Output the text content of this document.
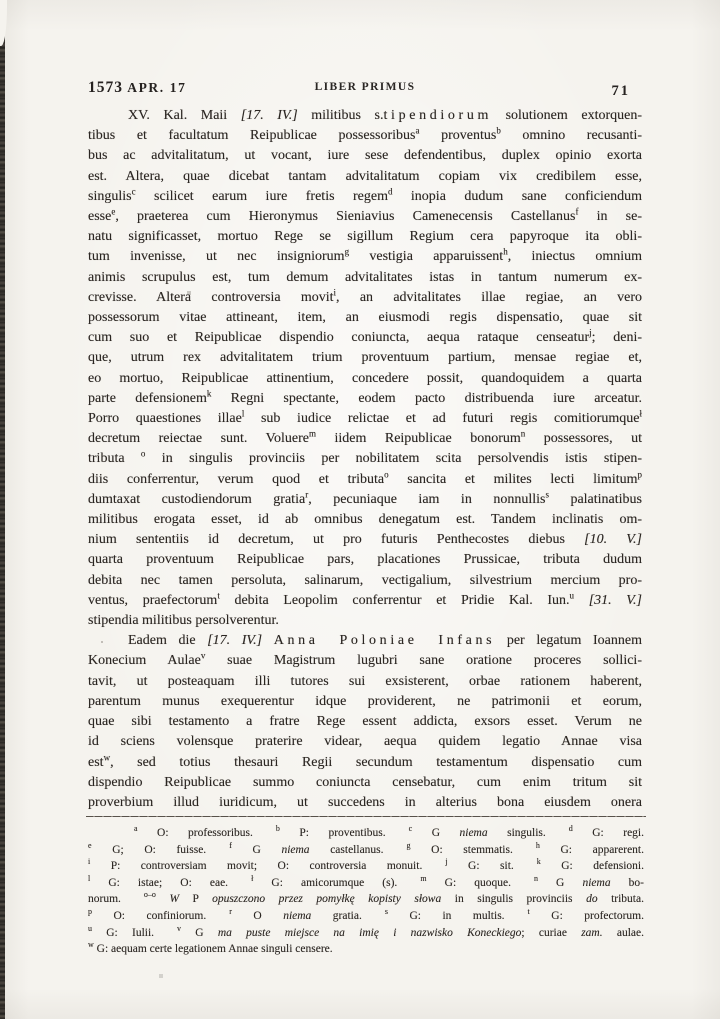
1573 APR. 17	LIBER PRIMUS	71
XV. Kal. Maii [17. IV.] militibus s.tipendiorum solutionem extorquen-
tibus et facultatum Reipublicae possessoribus$^a$ proventus$^b$ omnino recusanti-
bus ac advitalitatum, ut vocant, iure sese defendentibus, duplex opinio exorta
est. Altera, quae dicebat tantam advitalitatum copiam vix credibilem esse,
singulis$^c$ scilicet earum iure fretis regem$^d$ inopia dudum sane conficiendum
esse$^e$, praeterea cum Hieronymus Sieniavius Camenecensis Castellanus$^f$ in se-
natu significasset, mortuo Rege se sigillum Regium cera papyroque ita obli-
tum invenisse, ut nec insigniorum$^g$ vestigia apparuissent$^h$, iniectus omnium
animis scrupulus est, tum demum advitalitates istas in tantum numerum ex-
crevisse. Altera controversia movit$^i$, an advitalitates illae regiae, an vero
possessorum vitae attineant, item, an eiusmodi regis dispensatio, quae sit
cum suo et Reipublicae dispendio coniuncta, aequa rataque censeatur$^j$; deni-
que, utrum rex advitalitatem trium proventuum partium, mensae regiae et,
eo mortuo, Reipublicae attinentium, concedere possit, quandoquidem a quarta
parte defensionem$^k$ Regni spectante, eodem pacto distribuenda iure arceatur.
Porro quaestiones illae$^l$ sub iudice relictae et ad futuri regis comitiorumque$^ł$
decretum reiectae sunt. Voluere$^m$ iidem Reipublicae bonorum$^n$ possessores, ut
tributa $^o$ in singulis provinciis per nobilitatem scita persolvendis istis stipen-
diis conferrentur, verum quod et tributa$^o$ sancita et milites lecti limitum$^p$
dumtaxat custodiendorum gratia$^r$, pecuniaque iam in nonnullis$^s$ palatinatibus
militibus erogata esset, id ab omnibus denegatum est. Tandem inclinatis om-
nium sententiis id decretum, ut pro futuris Penthecostes diebus [10. V.]
quarta proventuum Reipublicae pars, placationes Prussicae, tributa dudum
debita nec tamen persoluta, salinarum, vectigalium, silvestrium mercium pro-
ventus, praefectorum$^t$ debita Leopolim conferrentur et Pridie Kal. Iun.$^u$ [31. V.]
stipendia militibus persolverentur.
Eadem die [17. IV.] Anna Poloniae Infans per legatum Ioannem
Konecium Aulae$^v$ suae Magistrum lugubri sane oratione proceres sollici-
tavit, ut posteaquam illi tutores sui exsisterent, orbae rationem haberent,
parentum munus exequerentur idque providerent, ne patrimonii et eorum,
quae sibi testamento a fratre Rege essent addicta, exsors esset. Verum ne
id sciens volensque praterire videar, aequa quidem legatio Annae visa
est$^w$, sed totius thesauri Regii secundum testamentum dispensatio cum
dispendio Reipublicae summo coniuncta censebatur, cum enim tritum sit
proverbium illud iuridicum, ut succedens in alterius bona eiusdem onera
$^a$ O: professoribus.  $^b$ P: proventibus.  $^c$ G niema singulis.  $^d$ G: regi.
$^e$ G; O: fuisse.  $^f$ G niema castellanus.  $^g$ O: stemmatis.  $^h$ G: apparerent.
$^i$ P: controversiam movit; O: controversia monuit.  $^j$ G: sit.  $^k$ G: defensioni.
$^l$ G: istae; O: eae.  $^ł$ G: amicorumque (s).  $^m$ G: quoque.  $^n$ G niema bo-
norum.  $^{o-o}$ W P opuszczono przez pomyłkę kopisty słowa in singulis provinciis do tributa.
$^p$ O: confiniorum.  $^r$ O niema gratia.  $^s$ G: in multis.  $^t$ G: profectorum.
$^u$ G: Iulii.  $^v$ G ma puste miejsce na imię i nazwisko Koneckiego; curiae zam. aulae.
$^w$ G: aequam certe legationem Annae singuli censere.
